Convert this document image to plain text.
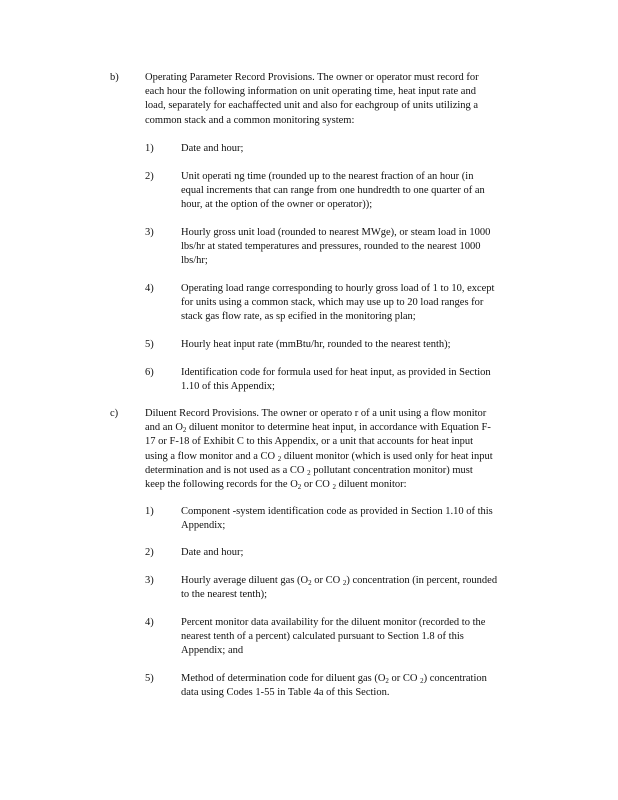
b)	Operating Parameter Record Provisions. The owner or operator must record for
each hour the following information on unit operating time, heat input rate and
load, separately for eachaffected unit and also for eachgroup of units utilizing a
common stack and a common monitoring system:
1)	Date and hour;
2)	Unit operati ng time (rounded up to the nearest fraction of an hour (in
equal increments that can range from one hundredth to one quarter of an
hour, at the option of the owner or operator));
3)	Hourly gross unit load (rounded to nearest MWge), or steam load in 1000
lbs/hr at stated temperatures and pressures, rounded to the nearest 1000
lbs/hr;
4)	Operating load range corresponding to hourly gross load of 1 to 10, except
for units using a common stack, which may use up to 20 load ranges for
stack gas flow rate, as sp ecified in the monitoring plan;
5)	Hourly heat input rate (mmBtu/hr, rounded to the nearest tenth);
6)	Identification code for formula used for heat input, as provided in Section
1.10 of this Appendix;
c)	Diluent Record Provisions. The owner or operato r of a unit using a flow monitor
and an $O_2$ diluent monitor to determine heat input, in accordance with Equation F-
17 or F-18 of Exhibit C to this Appendix, or a unit that accounts for heat input
using a flow monitor and a CO $_2$ diluent monitor (which is used only for heat input
determination and is not used as a CO $_2$ pollutant concentration monitor) must
keep the following records for the $O_2$ or CO $_2$ diluent monitor:
1)	Component -system identification code as provided in Section 1.10 of this
Appendix;
2)	Date and hour;
3)	Hourly average diluent gas ($O_2$ or CO $_2$) concentration (in percent, rounded
to the nearest tenth);
4)	Percent monitor data availability for the diluent monitor (recorded to the
nearest tenth of a percent) calculated pursuant to Section 1.8 of this
Appendix; and
5)	Method of determination code for diluent gas ($O_2$ or CO $_2$) concentration
data using Codes 1-55 in Table 4a of this Section.
